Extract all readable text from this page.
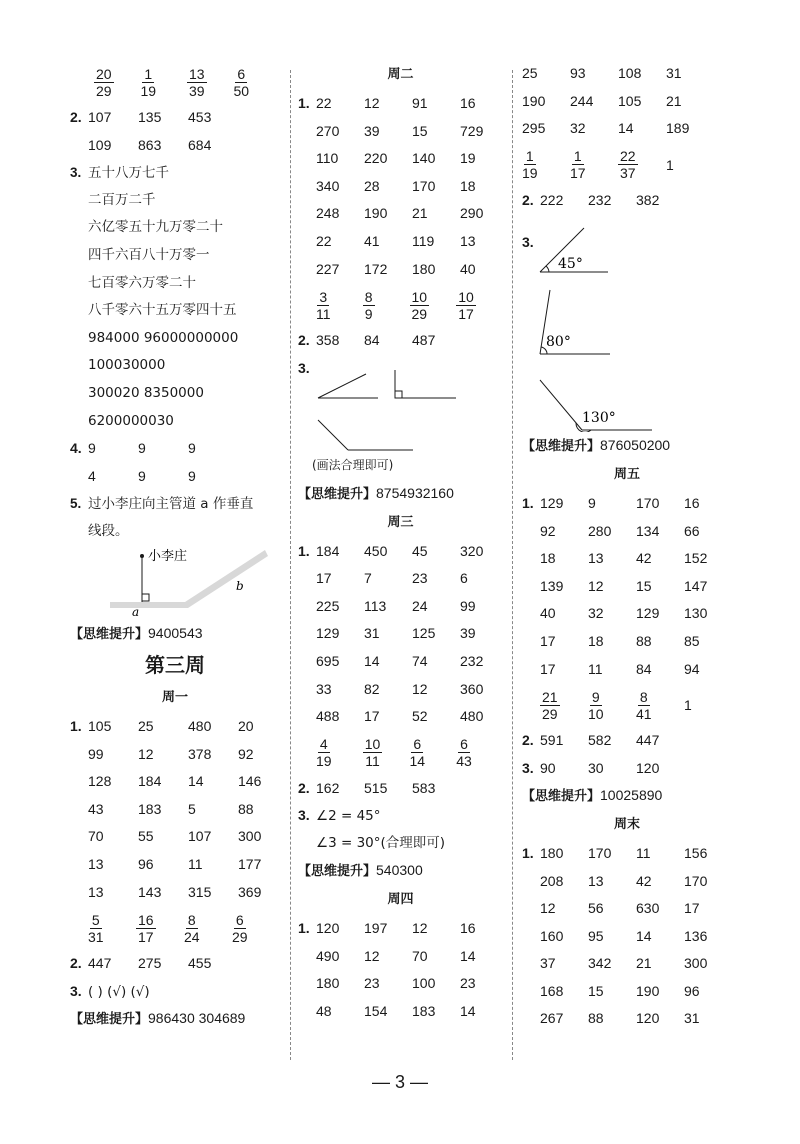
$\frac{20}{29} \frac{1}{19} \frac{13}{39} \frac{6}{50}$
2. 107	135	453
109	863	684
3. 五十八万七千
二百万二千
六亿零五十九万零二十
四千六百八十万零一
七百零六万零二十
八千零六十五万零四十五
984000 96000000000
100030000
300020 8350000
6200000030
4. 9	9	9
4	9	9
5. 过小李庄向主管道 a 作垂直
线段。
小李庄
a
b
【思维提升】9400543
第三周
周一
1. 105	25	480	20
99	12	378	92
128	184	14	146
43	183	5	88
70	55	107	300
13	96	11	177
13	143	315	369
$\frac{5}{31} \frac{16}{17} \frac{8}{24} \frac{6}{29}$
2. 447	275	455
3. ( ) (√) (√)
【思维提升】986430 304689
周二
1. 22	12	91	16
270	39	15	729
110	220	140	19
340	28	170	18
248	190	21	290
22	41	119	13
227	172	180	40
$\frac{3}{11} \frac{8}{9} \frac{10}{29} \frac{10}{17}$
2. 358	84	487
3.
(画法合理即可)
【思维提升】8754932160
周三
1. 184	450	45	320
17	7	23	6
225	113	24	99
129	31	125	39
695	14	74	232
33	82	12	360
488	17	52	480
$\frac{4}{19} \frac{10}{11} \frac{6}{14} \frac{6}{43}$
2. 162	515	583
3. ∠2 = 45°
∠3 = 30°(合理即可)
【思维提升】540300
周四
1. 120	197	12	16
490	12	70	14
180	23	100	23
48	154	183	14
25	93	108	31
190	244	105	21
295	32	14	189
$\frac{1}{19} \frac{1}{17} \frac{22}{37} 1$
2. 222	232	382
3.
45°
80°
130°
【思维提升】876050200
周五
1. 129	9	170	16
92	280	134	66
18	13	42	152
139	12	15	147
40	32	129	130
17	18	88	85
17	11	84	94
$\frac{21}{29} \frac{9}{10} \frac{8}{41} 1$
2. 591	582	447
3. 90	30	120
【思维提升】10025890
周末
1. 180	170	11	156
208	13	42	170
12	56	630	17
160	95	14	136
37	342	21	300
168	15	190	96
267	88	120	31
— 3 —
